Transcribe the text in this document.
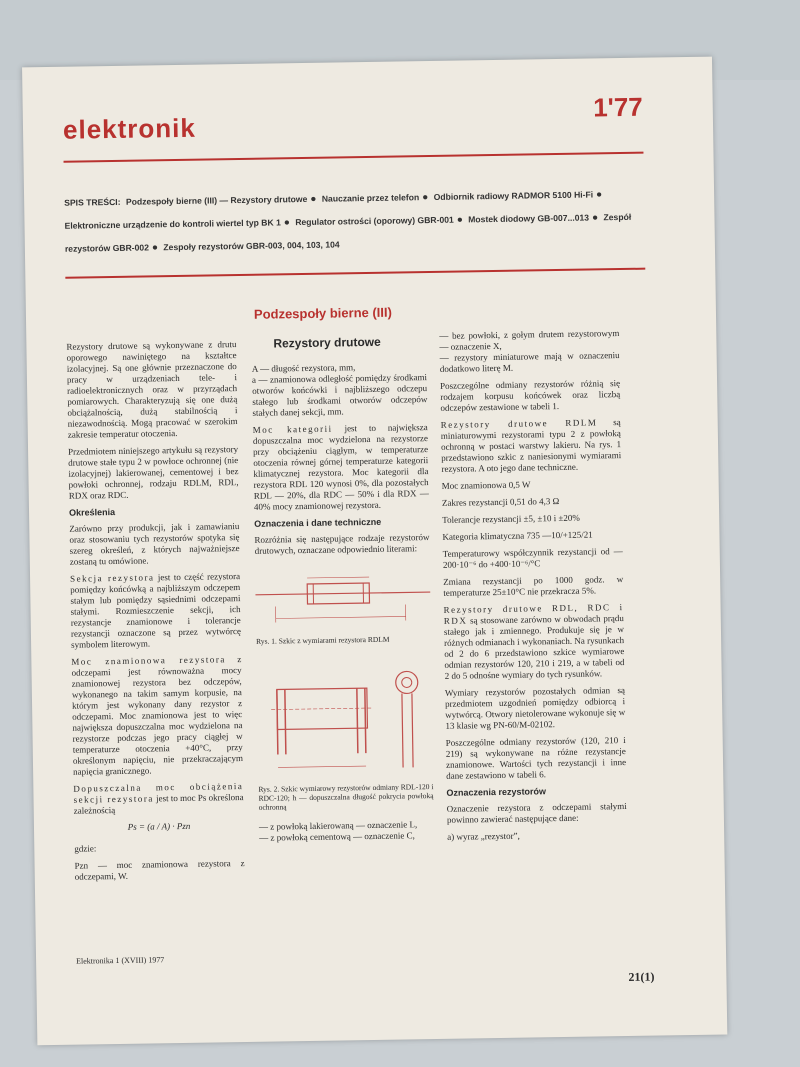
elektronik
1'77
SPIS TREŚCI: Podzespoły bierne (III) — Rezystory drutowe ● Nauczanie przez telefon ● Odbiornik radiowy RADMOR 5100 Hi-Fi ● Elektroniczne urządzenie do kontroli wiertel typ BK 1 ● Regulator ostrości (oporowy) GBR-001 ● Mostek diodowy GB-007...013 ● Zespół rezystorów GBR-002 ● Zespoły rezystorów GBR-003, 004, 103, 104
Podzespoły bierne (III)

Rezystory drutowe są wykonywane z drutu oporowego nawiniętego na kształtce izolacyjnej. Są one głównie przeznaczone do pracy w urządzeniach tele- i radioelektronicznych oraz w przyrządach pomiarowych. Charakteryzują się one dużą obciążalnością, dużą stabilnością i niezawodnością. Mogą pracować w szerokim zakresie temperatur otoczenia.

Przedmiotem niniejszego artykułu są rezystory drutowe stałe typu 2 w powłoce ochronnej (nie izolacyjnej) lakierowanej, cementowej i bez powłoki ochronnej, rodzaju RDLM, RDL, RDX oraz RDC.

Określenia

Zarówno przy produkcji, jak i zamawianiu oraz stosowaniu tych rezystorów spotyka się szereg określeń, z których najważniejsze zostaną tu omówione.

Sekcja rezystora jest to część rezystora pomiędzy końcówką a najbliższym odczepem stałym lub pomiędzy sąsiednimi odczepami stałymi. Rozmieszczenie sekcji, ich rezystancje znamionowe i tolerancje rezystancji oznaczone są przez wytwórcę symbolem literowym.

Moc znamionowa rezystora z odczepami jest równoważna mocy znamionowej rezystora bez odczepów, wykonanego na takim samym korpusie, na którym jest wykonany dany rezystor z odczepami. Moc znamionowa jest to więc największa dopuszczalna moc wydzielona na rezystorze podczas jego pracy ciągłej w temperaturze otoczenia +40°C, przy określonym napięciu, nie przekraczającym napięcia granicznego.

Dopuszczalna moc obciążenia sekcji rezystora jest to moc Ps określona zależnością

Ps = (a / A) · Pzn

gdzie:

Pzn — moc znamionowa rezystora z odczepami, W.

Rezystory drutowe

A — długość rezystora, mm,
a — znamionowa odległość pomiędzy środkami otworów końcówki i najbliższego odczepu stałego lub środkami otworów odczepów stałych danej sekcji, mm.

Moc kategorii jest to największa dopuszczalna moc wydzielona na rezystorze przy obciążeniu ciągłym, w temperaturze otoczenia równej górnej temperaturze kategorii klimatycznej rezystora. Moc kategorii dla rezystora RDL 120 wynosi 0%, dla pozostałych RDL — 20%, dla RDC — 50% i dla RDX — 40% mocy znamionowej rezystora.

Oznaczenia i dane techniczne

Rozróżnia się następujące rodzaje rezystorów drutowych, oznaczane odpowiednio literami:

Rys. 1. Szkic z wymiarami rezystora RDLM
Rys. 2. Szkic wymiarowy rezystorów odmiany RDL-120 i RDC-120; h — dopuszczalna długość pokrycia powłoką ochronną

— z powłoką lakierowaną — oznaczenie L,
— z powłoką cementową — oznaczenie C,

— bez powłoki, z gołym drutem rezystorowym — oznaczenie X,
— rezystory miniaturowe mają w oznaczeniu dodatkowo literę M.

Poszczególne odmiany rezystorów różnią się rodzajem korpusu końcówek oraz liczbą odczepów zestawione w tabeli 1.

Rezystory drutowe RDLM są miniaturowymi rezystorami typu 2 z powłoką ochronną w postaci warstwy lakieru. Na rys. 1 przedstawiono szkic z naniesionymi wymiarami rezystora. A oto jego dane techniczne.

Moc znamionowa 0,5 W

Zakres rezystancji 0,51 do 4,3 Ω

Tolerancje rezystancji ±5, ±10 i ±20%

Kategoria klimatyczna 735 —10/+125/21

Temperaturowy współczynnik rezystancji od —200·10⁻⁶ do +400·10⁻⁶/°C

Zmiana rezystancji po 1000 godz. w temperaturze 25±10°C nie przekracza 5%.

Rezystory drutowe RDL, RDC i RDX są stosowane zarówno w obwodach prądu stałego jak i zmiennego. Produkuje się je w różnych odmianach i wykonaniach. Na rysunkach od 2 do 6 przedstawiono szkice wymiarowe odmian rezystorów 120, 210 i 219, a w tabeli od 2 do 5 odnośne wymiary do tych rysunków.

Wymiary rezystorów pozostałych odmian są przedmiotem uzgodnień pomiędzy odbiorcą i wytwórcą. Otwory nietolerowane wykonuje się w 13 klasie wg PN-60/M-02102.

Poszczególne odmiany rezystorów (120, 210 i 219) są wykonywane na różne rezystancje znamionowe. Wartości tych rezystancji i inne dane zestawiono w tabeli 6.

Oznaczenia rezystorów

Oznaczenie rezystora z odczepami stałymi powinno zawierać następujące dane:

a) wyraz „rezystor”,

Elektronika 1 (XVIII) 1977
21(1)
